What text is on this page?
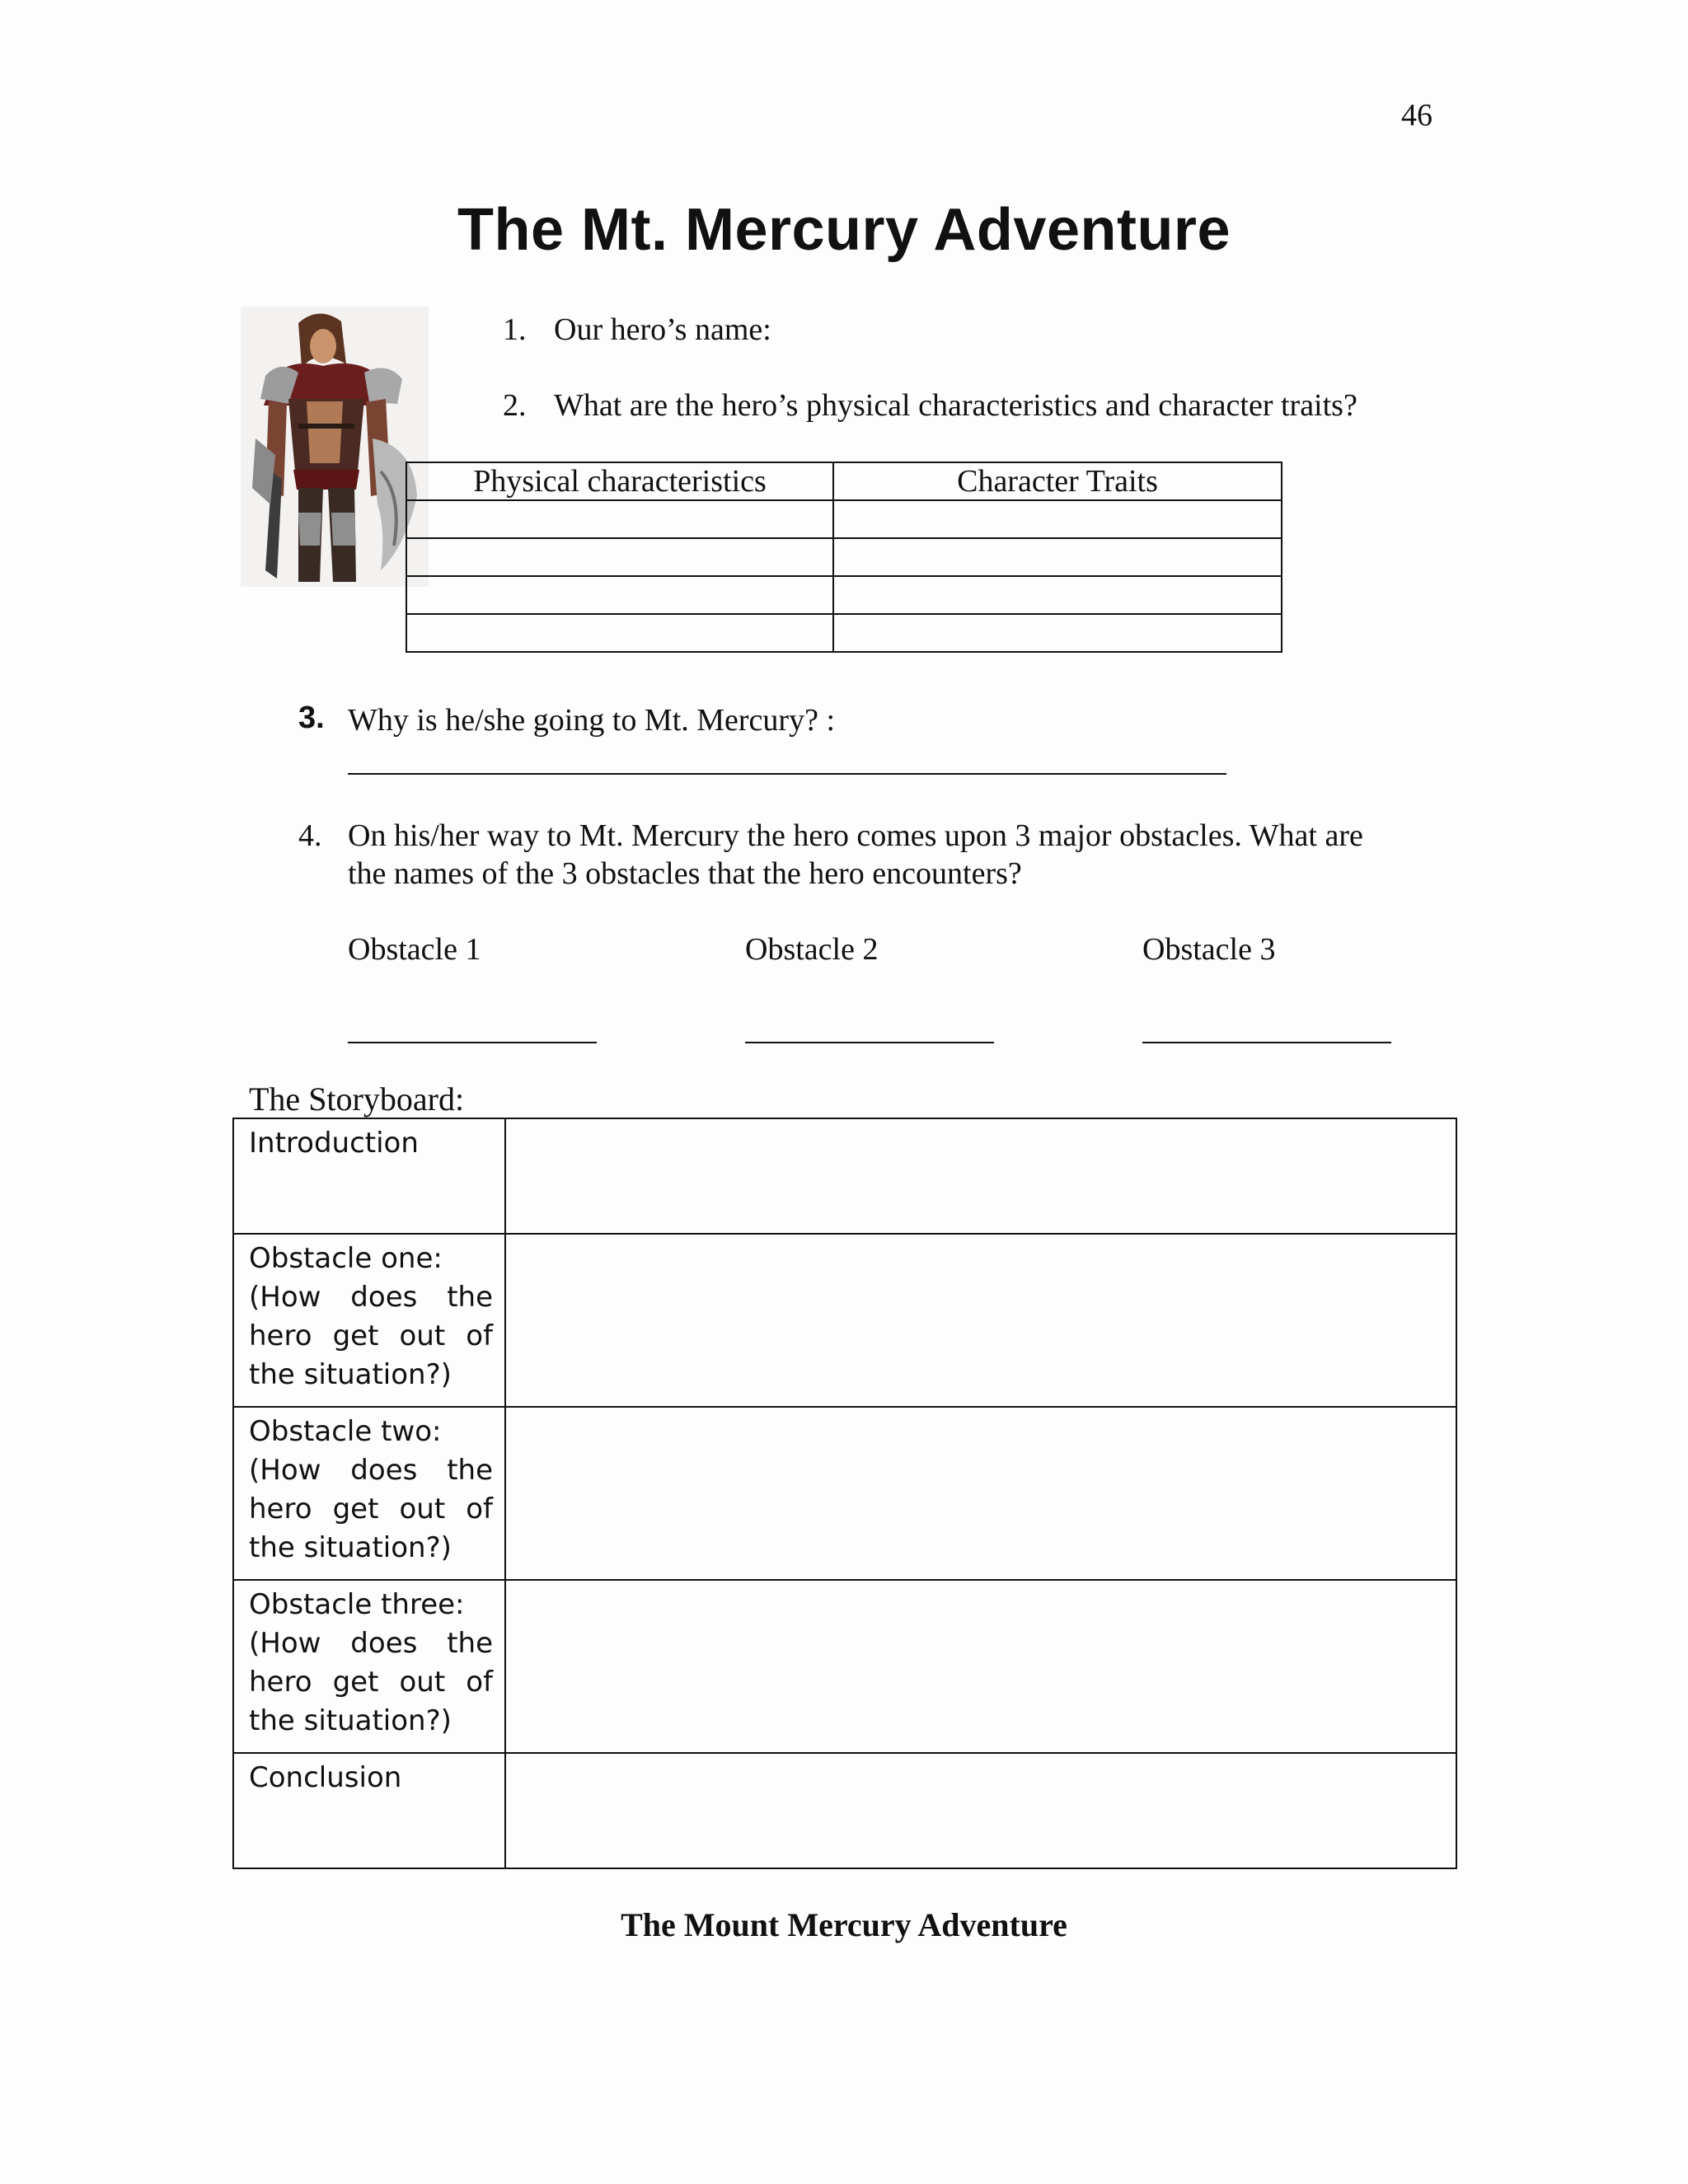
46
The Mt. Mercury Adventure
1. Our hero’s name:
2. What are the hero’s physical characteristics and character traits?
Physical characteristics	Character Traits

3. Why is he/she going to Mt. Mercury? :
4. On his/her way to Mt. Mercury the hero comes upon 3 major obstacles. What are
the names of the 3 obstacles that the hero encounters?
Obstacle 1	Obstacle 2	Obstacle 3
The Storyboard:
Introduction	

Obstacle one:
(How does the hero get out of the situation?)	

Obstacle two:
(How does the hero get out of the situation?)	

Obstacle three:
(How does the hero get out of the situation?)	

Conclusion	

The Mount Mercury Adventure
